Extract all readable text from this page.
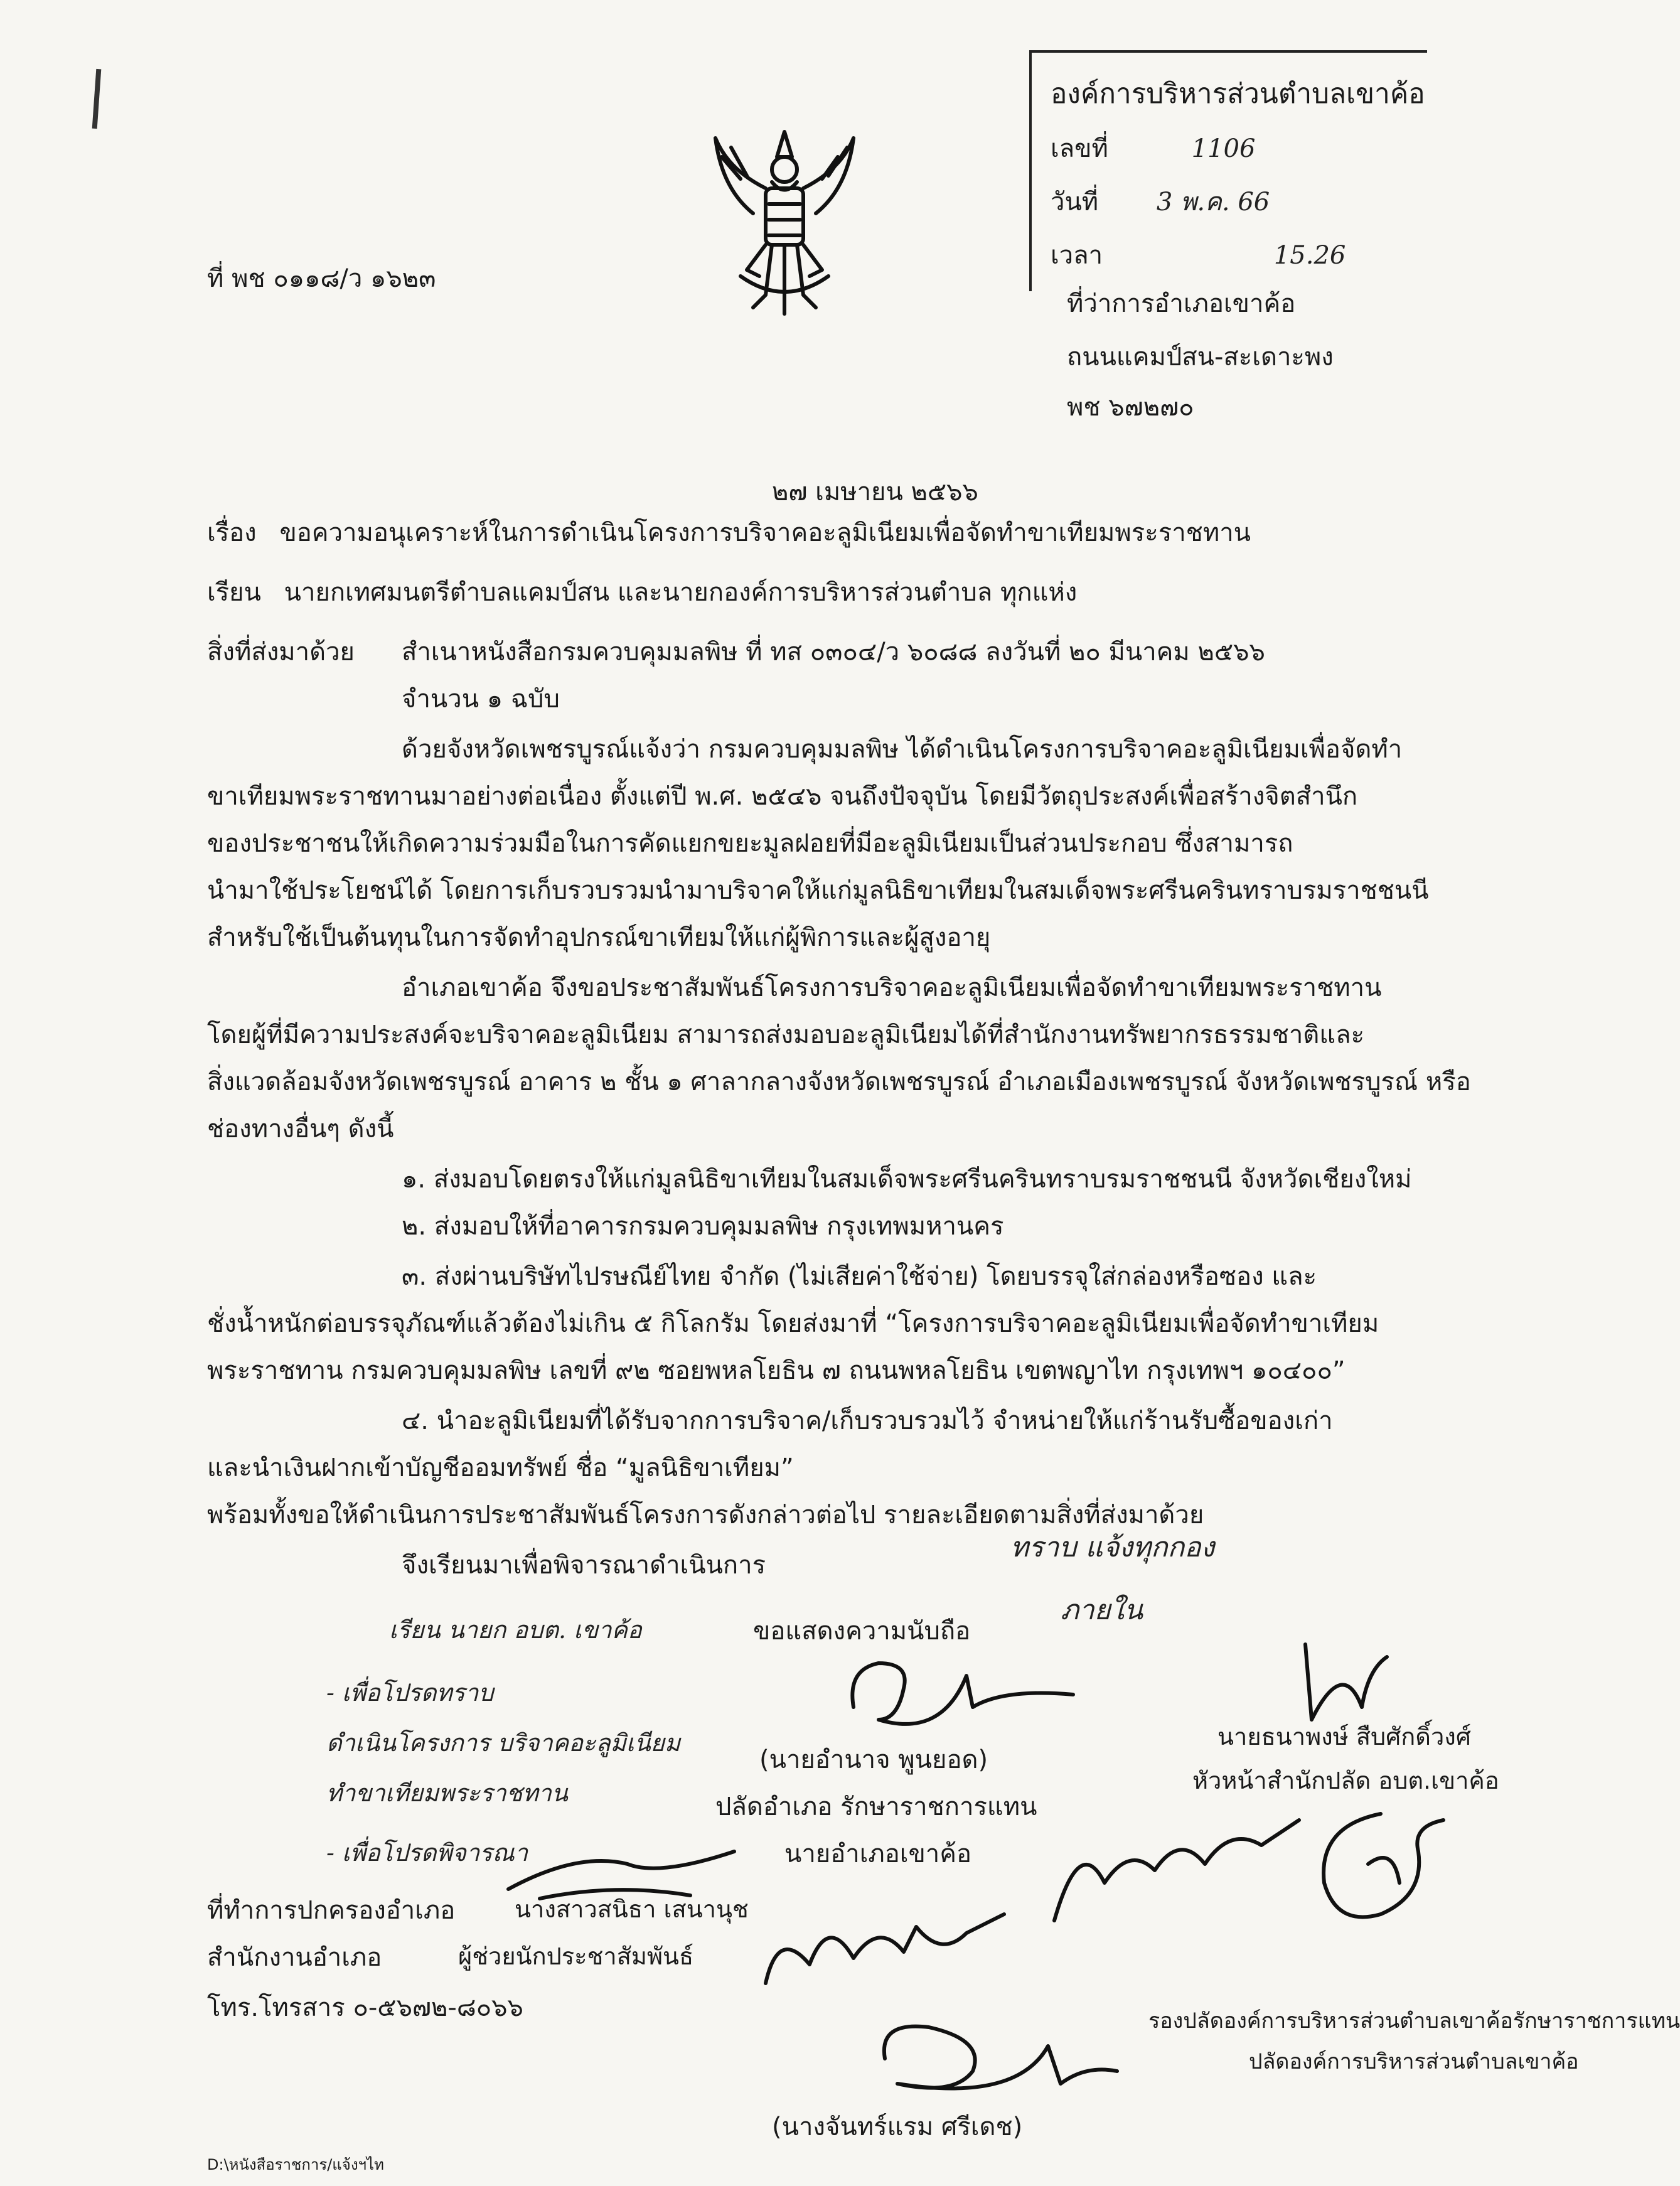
องค์การบริหารส่วนตำบลเขาค้อ
เลขที่	1106
วันที่ 3 พ.ค. 66
เวลา	15.26
ที่ พช ๐๑๑๘/ว ๑๖๒๓
ที่ว่าการอำเภอเขาค้อ
ถนนแคมป์สน-สะเดาะพง
พช ๖๗๒๗๐
๒๗ เมษายน ๒๕๖๖
เรื่อง ขอความอนุเคราะห์ในการดำเนินโครงการบริจาคอะลูมิเนียมเพื่อจัดทำขาเทียมพระราชทาน
เรียน นายกเทศมนตรีตำบลแคมป์สน และนายกองค์การบริหารส่วนตำบล ทุกแห่ง
สิ่งที่ส่งมาด้วย สำเนาหนังสือกรมควบคุมมลพิษ ที่ ทส ๐๓๐๔/ว ๖๐๘๘ ลงวันที่ ๒๐ มีนาคม ๒๕๖๖
จำนวน ๑ ฉบับ
ด้วยจังหวัดเพชรบูรณ์แจ้งว่า กรมควบคุมมลพิษ ได้ดำเนินโครงการบริจาคอะลูมิเนียมเพื่อจัดทำ
ขาเทียมพระราชทานมาอย่างต่อเนื่อง ตั้งแต่ปี พ.ศ. ๒๕๔๖ จนถึงปัจจุบัน โดยมีวัตถุประสงค์เพื่อสร้างจิตสำนึก
ของประชาชนให้เกิดความร่วมมือในการคัดแยกขยะมูลฝอยที่มีอะลูมิเนียมเป็นส่วนประกอบ ซึ่งสามารถ
นำมาใช้ประโยชน์ได้ โดยการเก็บรวบรวมนำมาบริจาคให้แก่มูลนิธิขาเทียมในสมเด็จพระศรีนครินทราบรมราชชนนี
สำหรับใช้เป็นต้นทุนในการจัดทำอุปกรณ์ขาเทียมให้แก่ผู้พิการและผู้สูงอายุ
อำเภอเขาค้อ จึงขอประชาสัมพันธ์โครงการบริจาคอะลูมิเนียมเพื่อจัดทำขาเทียมพระราชทาน
โดยผู้ที่มีความประสงค์จะบริจาคอะลูมิเนียม สามารถส่งมอบอะลูมิเนียมได้ที่สำนักงานทรัพยากรธรรมชาติและ
สิ่งแวดล้อมจังหวัดเพชรบูรณ์ อาคาร ๒ ชั้น ๑ ศาลากลางจังหวัดเพชรบูรณ์ อำเภอเมืองเพชรบูรณ์ จังหวัดเพชรบูรณ์ หรือ
ช่องทางอื่นๆ ดังนี้
๑. ส่งมอบโดยตรงให้แก่มูลนิธิขาเทียมในสมเด็จพระศรีนครินทราบรมราชชนนี จังหวัดเชียงใหม่
๒. ส่งมอบให้ที่อาคารกรมควบคุมมลพิษ กรุงเทพมหานคร
๓. ส่งผ่านบริษัทไปรษณีย์ไทย จำกัด (ไม่เสียค่าใช้จ่าย) โดยบรรจุใส่กล่องหรือซอง และ
ชั่งน้ำหนักต่อบรรจุภัณฑ์แล้วต้องไม่เกิน ๕ กิโลกรัม โดยส่งมาที่ “โครงการบริจาคอะลูมิเนียมเพื่อจัดทำขาเทียม
พระราชทาน กรมควบคุมมลพิษ เลขที่ ๙๒ ซอยพหลโยธิน ๗ ถนนพหลโยธิน เขตพญาไท กรุงเทพฯ ๑๐๔๐๐”
๔. นำอะลูมิเนียมที่ได้รับจากการบริจาค/เก็บรวบรวมไว้ จำหน่ายให้แก่ร้านรับซื้อของเก่า
และนำเงินฝากเข้าบัญชีออมทรัพย์ ชื่อ “มูลนิธิขาเทียม”
พร้อมทั้งขอให้ดำเนินการประชาสัมพันธ์โครงการดังกล่าวต่อไป รายละเอียดตามสิ่งที่ส่งมาด้วย
จึงเรียนมาเพื่อพิจารณาดำเนินการ
เรียน นายก อบต. เขาค้อ
- เพื่อโปรดทราบ
ดำเนินโครงการ บริจาคอะลูมิเนียม
ทำขาเทียมพระราชทาน
- เพื่อโปรดพิจารณา
ทราบ แจ้งทุกกอง
ภายใน
ขอแสดงความนับถือ
(นายอำนาจ พูนยอด)
ปลัดอำเภอ รักษาราชการแทน
นายอำเภอเขาค้อ
นายธนาพงษ์ สืบศักดิ์วงศ์
หัวหน้าสำนักปลัด อบต.เขาค้อ
ที่ทำการปกครองอำเภอ นางสาวสนิธา เสนานุช
สำนักงานอำเภอ	ผู้ช่วยนักประชาสัมพันธ์
โทร.โทรสาร ๐-๕๖๗๒-๘๐๖๖	รองปลัดองค์การบริหารส่วนตำบลเขาค้อรักษาราชการแทน
ปลัดองค์การบริหารส่วนตำบลเขาค้อ
(นางจันทร์แรม ศรีเดช)
D:\หนังสือราชการ/แจ้งฯไท
